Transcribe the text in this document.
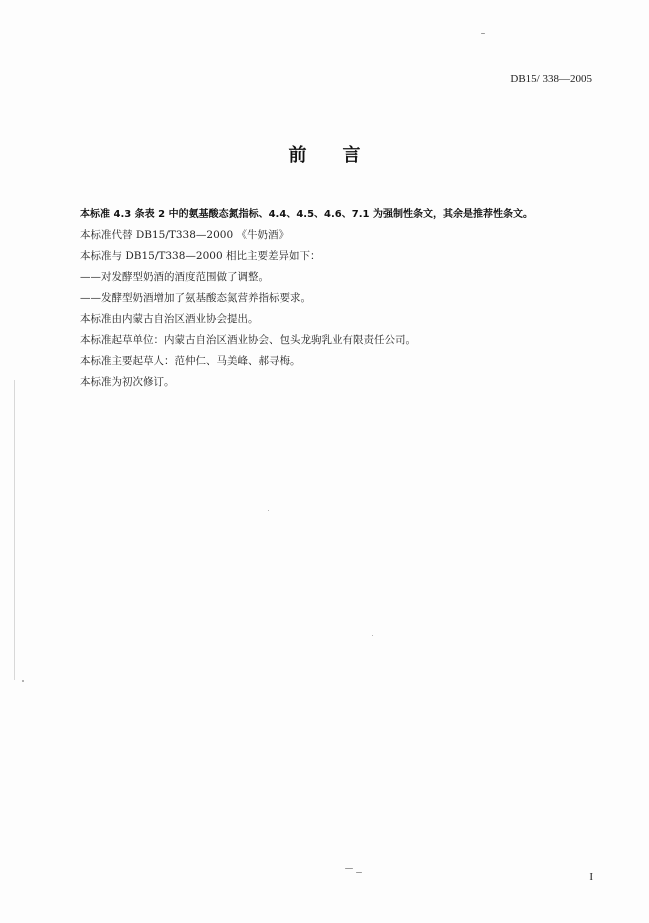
DB15/ 338—2005
前言
本标准 4.3 条表 2 中的氨基酸态氮指标、4.4、4.5、4.6、7.1 为强制性条文，其余是推荐性条文。
本标准代替 DB15/T338—2000 《牛奶酒》
本标准与 DB15/T338—2000 相比主要差异如下：
——对发酵型奶酒的酒度范围做了调整。
——发酵型奶酒增加了氨基酸态氮营养指标要求。
本标准由内蒙古自治区酒业协会提出。
本标准起草单位：内蒙古自治区酒业协会、包头龙驹乳业有限责任公司。
本标准主要起草人：范仲仁、马美峰、郝寻梅。
本标准为初次修订。
I
